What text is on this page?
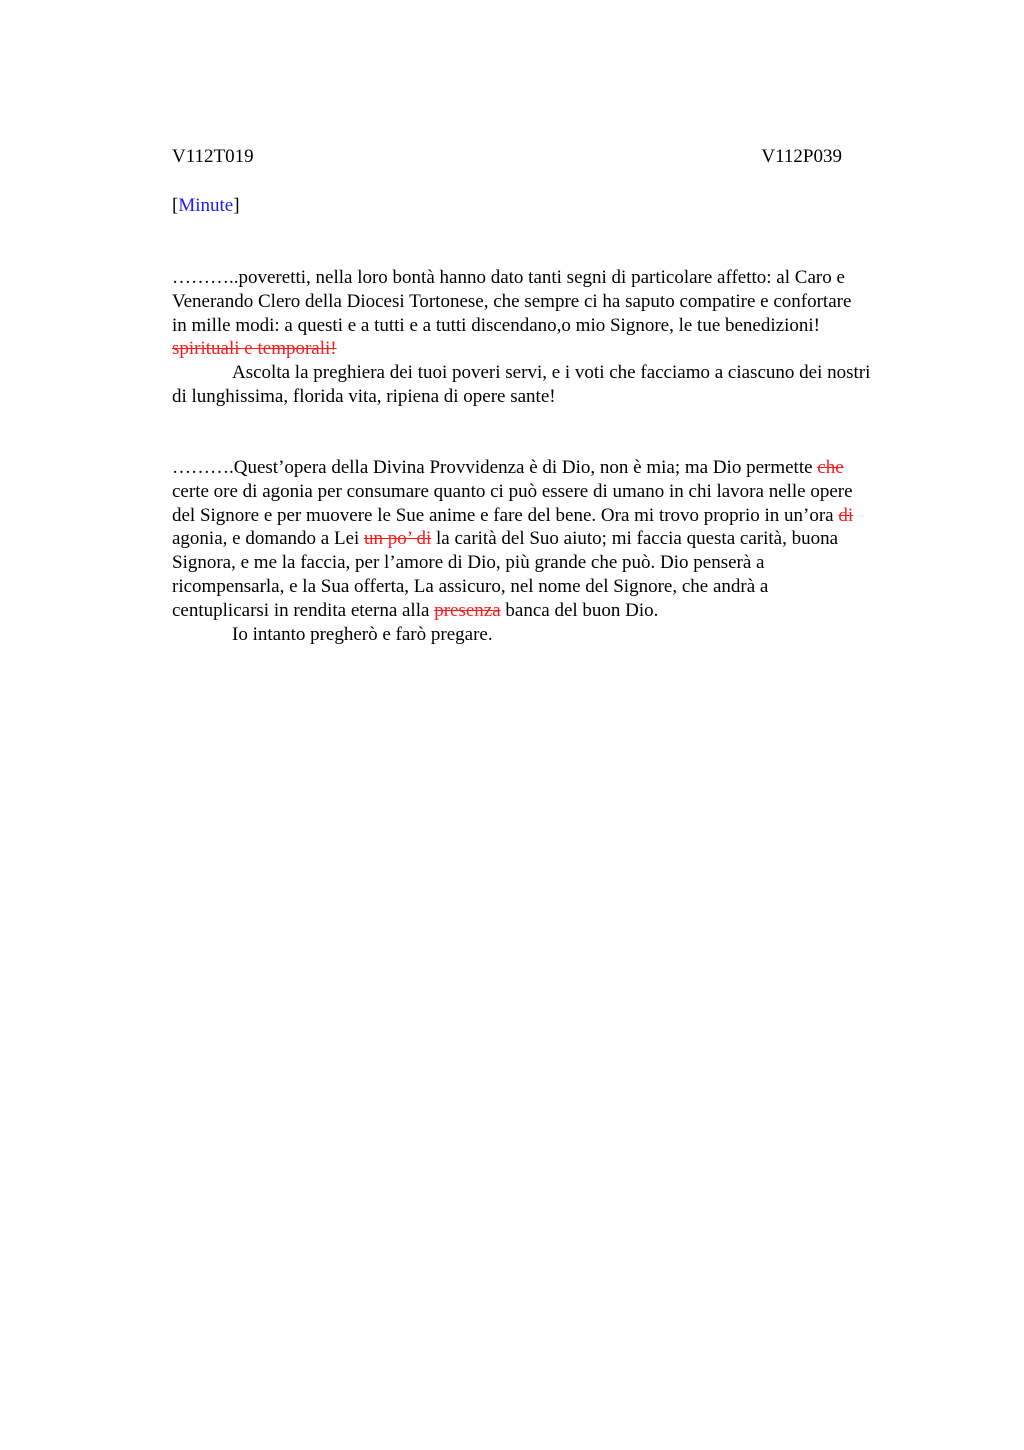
V112T019	V112P039
[Minute]
………..poveretti, nella loro bontà hanno dato tanti segni di particolare affetto: al Caro e
Venerando Clero della Diocesi Tortonese, che sempre ci ha saputo compatire e confortare
in mille modi: a questi e a tutti e a tutti discendano,o mio Signore, le tue benedizioni!
spirituali e temporali!
Ascolta la preghiera dei tuoi poveri servi, e i voti che facciamo a ciascuno dei nostri
di lunghissima, florida vita, ripiena di opere sante!
……….Quest’opera della Divina Provvidenza è di Dio, non è mia; ma Dio permette che
certe ore di agonia per consumare quanto ci può essere di umano in chi lavora nelle opere
del Signore e per muovere le Sue anime e fare del bene. Ora mi trovo proprio in un’ora di
agonia, e domando a Lei un po’ di la carità del Suo aiuto; mi faccia questa carità, buona
Signora, e me la faccia, per l’amore di Dio, più grande che può. Dio penserà a
ricompensarla, e la Sua offerta, La assicuro, nel nome del Signore, che andrà a
centuplicarsi in rendita eterna alla presenza banca del buon Dio.
Io intanto pregherò e farò pregare.
